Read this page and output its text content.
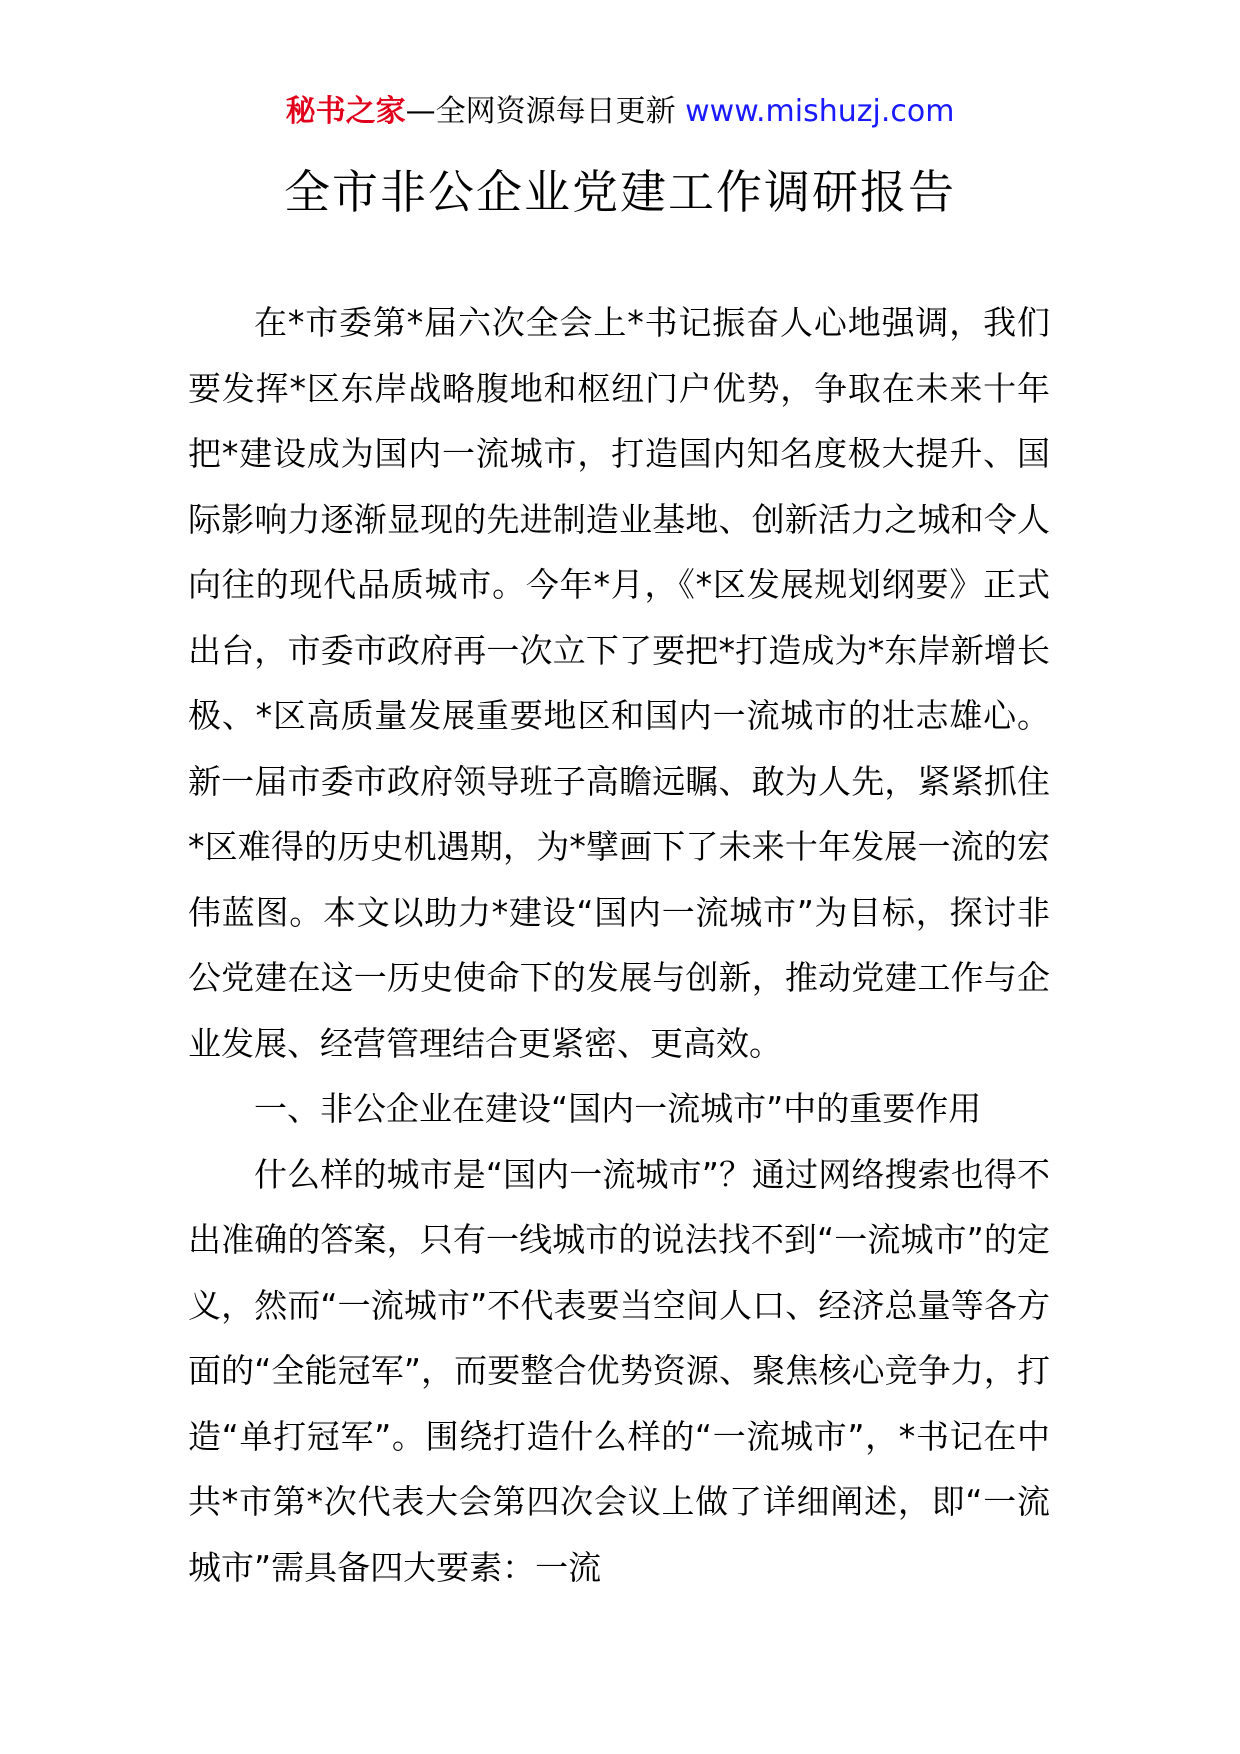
秘书之家—全网资源每日更新 www.mishuzj.com
全市非公企业党建工作调研报告

在*市委第*届六次全会上*书记振奋人心地强调，我们要发挥*区东岸战略腹地和枢纽门户优势，争取在未来十年把*建设成为国内一流城市，打造国内知名度极大提升、国际影响力逐渐显现的先进制造业基地、创新活力之城和令人向往的现代品质城市。今年*月，《*区发展规划纲要》正式出台，市委市政府再一次立下了要把*打造成为*东岸新增长极、*区高质量发展重要地区和国内一流城市的壮志雄心。新一届市委市政府领导班子高瞻远瞩、敢为人先，紧紧抓住*区难得的历史机遇期，为*擘画下了未来十年发展一流的宏伟蓝图。本文以助力*建设“国内一流城市”为目标，探讨非公党建在这一历史使命下的发展与创新，推动党建工作与企业发展、经营管理结合更紧密、更高效。

一、非公企业在建设“国内一流城市”中的重要作用

什么样的城市是“国内一流城市”？通过网络搜索也得不出准确的答案，只有一线城市的说法找不到“一流城市”的定义，然而“一流城市”不代表要当空间人口、经济总量等各方面的“全能冠军”，而要整合优势资源、聚焦核心竞争力，打造“单打冠军”。围绕打造什么样的“一流城市”，*书记在中共*市第*次代表大会第四次会议上做了详细阐述，即“一流城市”需具备四大要素：一流
